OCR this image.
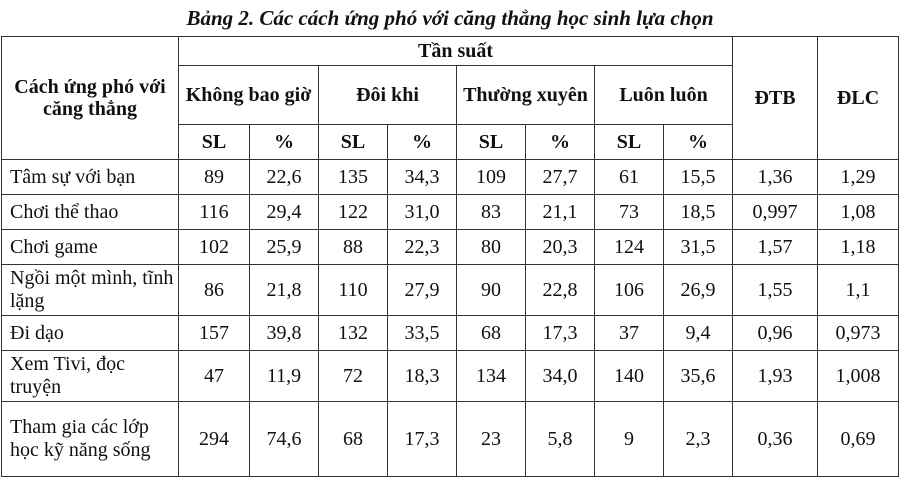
Bảng 2. Các cách ứng phó với căng thẳng học sinh lựa chọn
Cách ứng phó với căng thẳng	Tần suất								ĐTB	ĐLC
	Không bao giờ		Đôi khi		Thường xuyên		Luôn luôn			
	SL	%	SL	%	SL	%	SL	%		
Tâm sự với bạn	89	22,6	135	34,3	109	27,7	61	15,5	1,36	1,29
Chơi thể thao	116	29,4	122	31,0	83	21,1	73	18,5	0,997	1,08
Chơi game	102	25,9	88	22,3	80	20,3	124	31,5	1,57	1,18
Ngồi một mình, tĩnh lặng	86	21,8	110	27,9	90	22,8	106	26,9	1,55	1,1
Đi dạo	157	39,8	132	33,5	68	17,3	37	9,4	0,96	0,973
Xem Tivi, đọc truyện	47	11,9	72	18,3	134	34,0	140	35,6	1,93	1,008
Tham gia các lớp học kỹ năng sống	294	74,6	68	17,3	23	5,8	9	2,3	0,36	0,69
